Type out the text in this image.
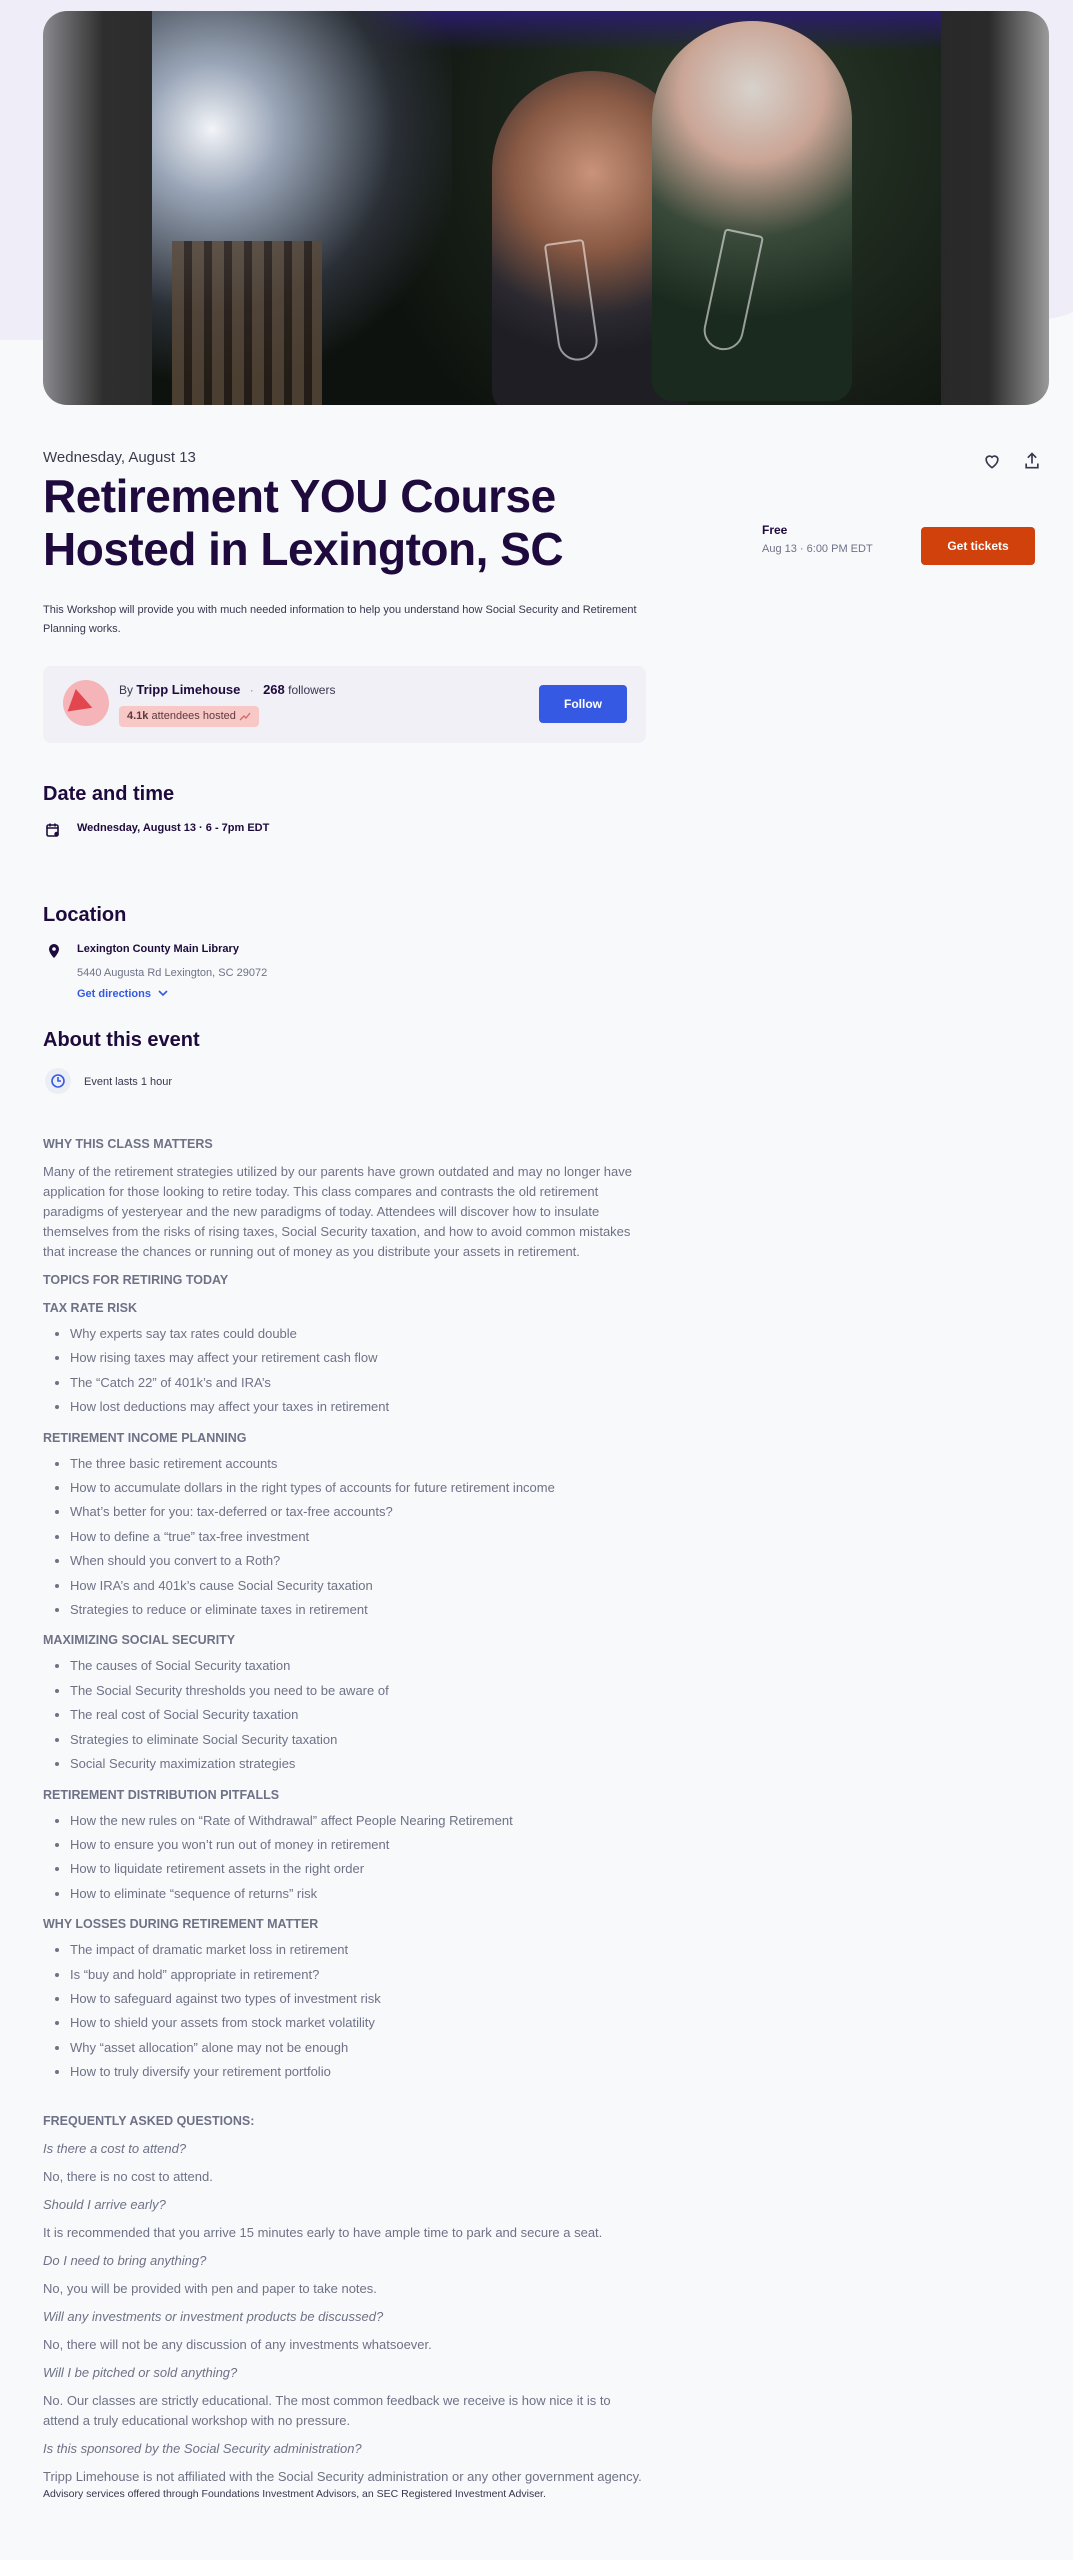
Wednesday, August 13
Retirement YOU Course Hosted in Lexington, SC	Free
Aug 13 · 6:00 PM EDT	Get tickets
This Workshop will provide you with much needed information to help you understand how Social Security and Retirement Planning works.
By Tripp Limehouse · 268 followers
4.1k attendees hosted
Follow
Date and time
Wednesday, August 13 · 6 - 7pm EDT
Location
Lexington County Main Library
5440 Augusta Rd Lexington, SC 29072
Get directions
About this event
Event lasts 1 hour
WHY THIS CLASS MATTERS

Many of the retirement strategies utilized by our parents have grown outdated and may no longer have application for those looking to retire today. This class compares and contrasts the old retirement paradigms of yesteryear and the new paradigms of today. Attendees will discover how to insulate themselves from the risks of rising taxes, Social Security taxation, and how to avoid common mistakes that increase the chances or running out of money as you distribute your assets in retirement.

TOPICS FOR RETIRING TODAY
TAX RATE RISK
• Why experts say tax rates could double
• How rising taxes may affect your retirement cash flow
• The “Catch 22” of 401k’s and IRA’s
• How lost deductions may affect your taxes in retirement
RETIREMENT INCOME PLANNING
• The three basic retirement accounts
• How to accumulate dollars in the right types of accounts for future retirement income
• What’s better for you: tax-deferred or tax-free accounts?
• How to define a “true” tax-free investment
• When should you convert to a Roth?
• How IRA’s and 401k’s cause Social Security taxation
• Strategies to reduce or eliminate taxes in retirement
MAXIMIZING SOCIAL SECURITY
• The causes of Social Security taxation
• The Social Security thresholds you need to be aware of
• The real cost of Social Security taxation
• Strategies to eliminate Social Security taxation
• Social Security maximization strategies
RETIREMENT DISTRIBUTION PITFALLS
• How the new rules on “Rate of Withdrawal” affect People Nearing Retirement
• How to ensure you won’t run out of money in retirement
• How to liquidate retirement assets in the right order
• How to eliminate “sequence of returns” risk
WHY LOSSES DURING RETIREMENT MATTER
• The impact of dramatic market loss in retirement
• Is “buy and hold” appropriate in retirement?
• How to safeguard against two types of investment risk
• How to shield your assets from stock market volatility
• Why “asset allocation” alone may not be enough
• How to truly diversify your retirement portfolio
FREQUENTLY ASKED QUESTIONS:

Is there a cost to attend?

No, there is no cost to attend.

Should I arrive early?

It is recommended that you arrive 15 minutes early to have ample time to park and secure a seat.

Do I need to bring anything?

No, you will be provided with pen and paper to take notes.

Will any investments or investment products be discussed?

No, there will not be any discussion of any investments whatsoever.

Will I be pitched or sold anything?

No. Our classes are strictly educational. The most common feedback we receive is how nice it is to attend a truly educational workshop with no pressure.

Is this sponsored by the Social Security administration?

Tripp Limehouse is not affiliated with the Social Security administration or any other government agency.

Advisory services offered through Foundations Investment Advisors, an SEC Registered Investment Adviser.
